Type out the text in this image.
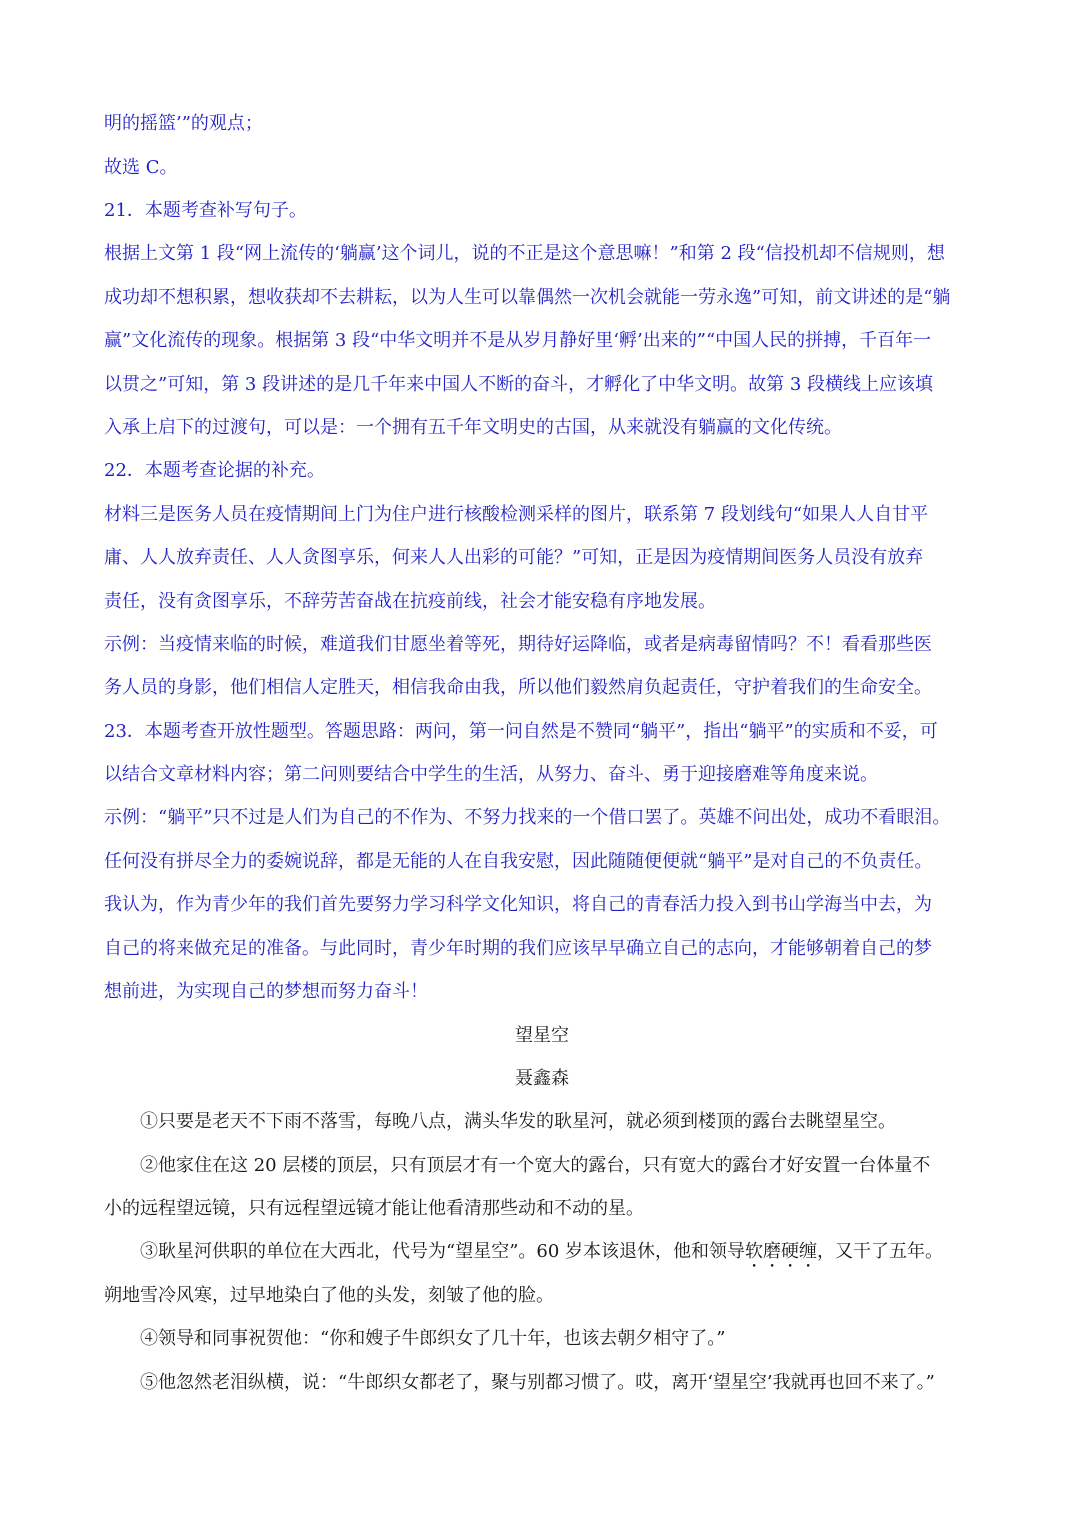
明的摇篮’”的观点；
故选 C。
21．本题考查补写句子。
根据上文第 1 段“网上流传的‘躺赢’这个词儿，说的不正是这个意思嘛！”和第 2 段“信投机却不信规则，想
成功却不想积累，想收获却不去耕耘，以为人生可以靠偶然一次机会就能一劳永逸”可知，前文讲述的是“躺
赢”文化流传的现象。根据第 3 段“中华文明并不是从岁月静好里‘孵’出来的”“中国人民的拼搏，千百年一
以贯之”可知，第 3 段讲述的是几千年来中国人不断的奋斗，才孵化了中华文明。故第 3 段横线上应该填
入承上启下的过渡句，可以是：一个拥有五千年文明史的古国，从来就没有躺赢的文化传统。
22．本题考查论据的补充。
材料三是医务人员在疫情期间上门为住户进行核酸检测采样的图片，联系第 7 段划线句“如果人人自甘平
庸、人人放弃责任、人人贪图享乐，何来人人出彩的可能？”可知，正是因为疫情期间医务人员没有放弃
责任，没有贪图享乐，不辞劳苦奋战在抗疫前线，社会才能安稳有序地发展。
示例：当疫情来临的时候，难道我们甘愿坐着等死，期待好运降临，或者是病毒留情吗？不！看看那些医
务人员的身影，他们相信人定胜天，相信我命由我，所以他们毅然肩负起责任，守护着我们的生命安全。
23．本题考查开放性题型。答题思路：两问，第一问自然是不赞同“躺平”，指出“躺平”的实质和不妥，可
以结合文章材料内容；第二问则要结合中学生的生活，从努力、奋斗、勇于迎接磨难等角度来说。
示例：“躺平”只不过是人们为自己的不作为、不努力找来的一个借口罢了。英雄不问出处，成功不看眼泪。
任何没有拼尽全力的委婉说辞，都是无能的人在自我安慰，因此随随便便就“躺平”是对自己的不负责任。
我认为，作为青少年的我们首先要努力学习科学文化知识，将自己的青春活力投入到书山学海当中去，为
自己的将来做充足的准备。与此同时，青少年时期的我们应该早早确立自己的志向，才能够朝着自己的梦
想前进，为实现自己的梦想而努力奋斗！
望星空
聂鑫森
①只要是老天不下雨不落雪，每晚八点，满头华发的耿星河，就必须到楼顶的露台去眺望星空。
②他家住在这 20 层楼的顶层，只有顶层才有一个宽大的露台，只有宽大的露台才好安置一台体量不
小的远程望远镜，只有远程望远镜才能让他看清那些动和不动的星。
③耿星河供职的单位在大西北，代号为“望星空”。60 岁本该退休，他和领导软磨硬缠，又干了五年。
朔地雪冷风寒，过早地染白了他的头发，刻皱了他的脸。
④领导和同事祝贺他：“你和嫂子牛郎织女了几十年，也该去朝夕相守了。”
⑤他忽然老泪纵横，说：“牛郎织女都老了，聚与别都习惯了。哎，离开‘望星空’我就再也回不来了。”
